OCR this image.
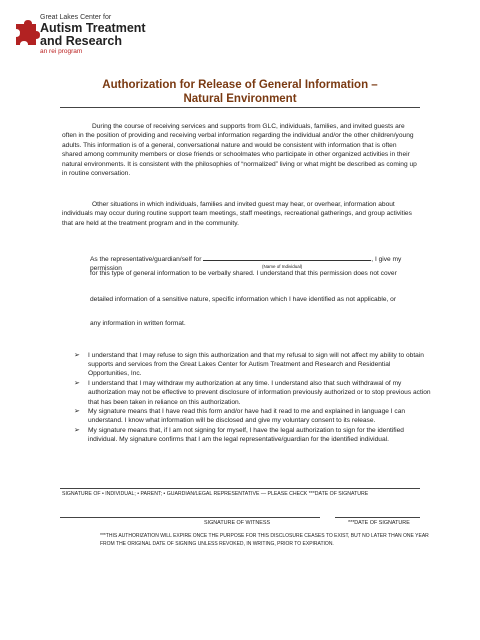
Great Lakes Center for
Autism Treatment
and Research
an rei program
Authorization for Release of General Information –
Natural Environment
During the course of receiving services and supports from GLC, individuals, families, and invited guests are often in the position of providing and receiving verbal information regarding the individual and/or the other children/young adults. This information is of a general, conversational nature and would be consistent with information that is often shared among community members or close friends or schoolmates who participate in other organized activities in their natural environments. It is consistent with the philosophies of “normalized” living or what might be described as coming up in routine conversation.
Other situations in which individuals, families and invited guest may hear, or overhear, information about individuals may occur during routine support team meetings, staff meetings, recreational gatherings, and group activities that are held at the treatment program and in the community.
As the representative/guardian/self for	, I give my permission	(Name of Individual)
for this type of general information to be verbally shared. I understand that this permission does not cover
detailed information of a sensitive nature, specific information which I have identified as not applicable, or
any information in written format.
➢ I understand that I may refuse to sign this authorization and that my refusal to sign will not affect my ability to obtain supports and services from the Great Lakes Center for Autism Treatment and Research and Residential Opportunities, Inc.
➢ I understand that I may withdraw my authorization at any time. I understand also that such withdrawal of my authorization may not be effective to prevent disclosure of information previously authorized or to stop previous action that has been taken in reliance on this authorization.
➢ My signature means that I have read this form and/or have had it read to me and explained in language I can understand. I know what information will be disclosed and give my voluntary consent to its release.
➢ My signature means that, if I am not signing for myself, I have the legal authorization to sign for the identified individual. My signature confirms that I am the legal representative/guardian for the identified individual.
SIGNATURE OF • INDIVIDUAL; • PARENT; • GUARDIAN/LEGAL REPRESENTATIVE — PLEASE CHECK ***DATE OF SIGNATURE
SIGNATURE OF WITNESS	***DATE OF SIGNATURE
***THIS AUTHORIZATION WILL EXPIRE ONCE THE PURPOSE FOR THIS DISCLOSURE CEASES TO EXIST, BUT NO LATER THAN ONE YEAR FROM THE ORIGINAL DATE OF SIGNING UNLESS REVOKED, IN WRITING, PRIOR TO EXPIRATION.
